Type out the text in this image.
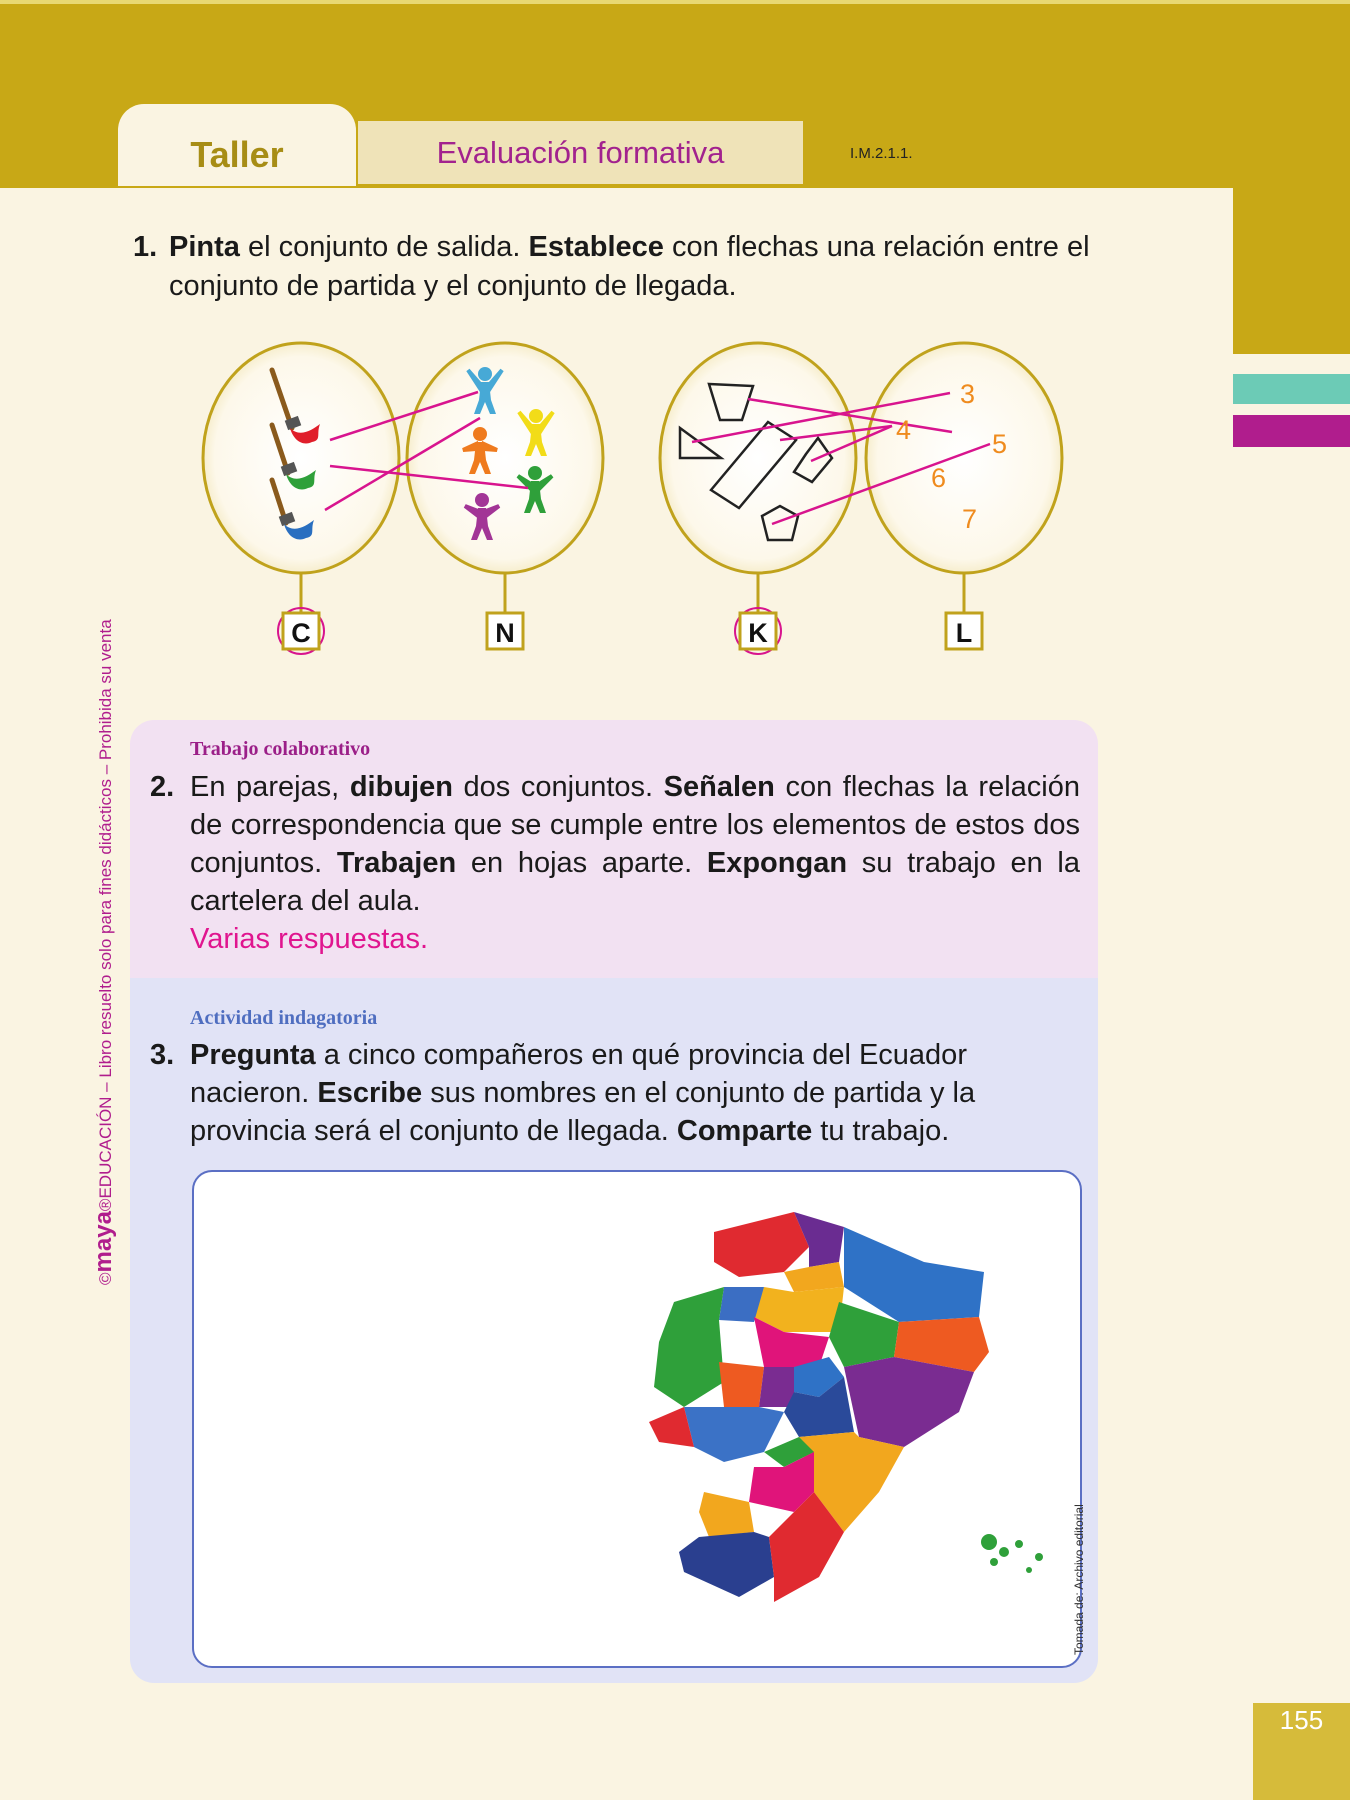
Taller	Evaluación formativa	I.M.2.1.1.
©maya®EDUCACIÓN – Libro resuelto solo para fines didácticos – Prohibida su venta
1. Pinta el conjunto de salida. Establece con flechas una relación entre el conjunto de partida y el conjunto de llegada.
3
4	5
6
7
C	N	K	L
Trabajo colaborativo
2. En parejas, dibujen dos conjuntos. Señalen con flechas la relación de correspondencia que se cumple entre los elementos de estos dos conjuntos. Trabajen en hojas aparte. Expongan su trabajo en la cartelera del aula.
Varias respuestas.
Actividad indagatoria
3. Pregunta a cinco compañeros en qué provincia del Ecuador nacieron. Escribe sus nombres en el conjunto de partida y la provincia será el conjunto de llegada. Comparte tu trabajo.
Tomada de: Archivo editorial
155
